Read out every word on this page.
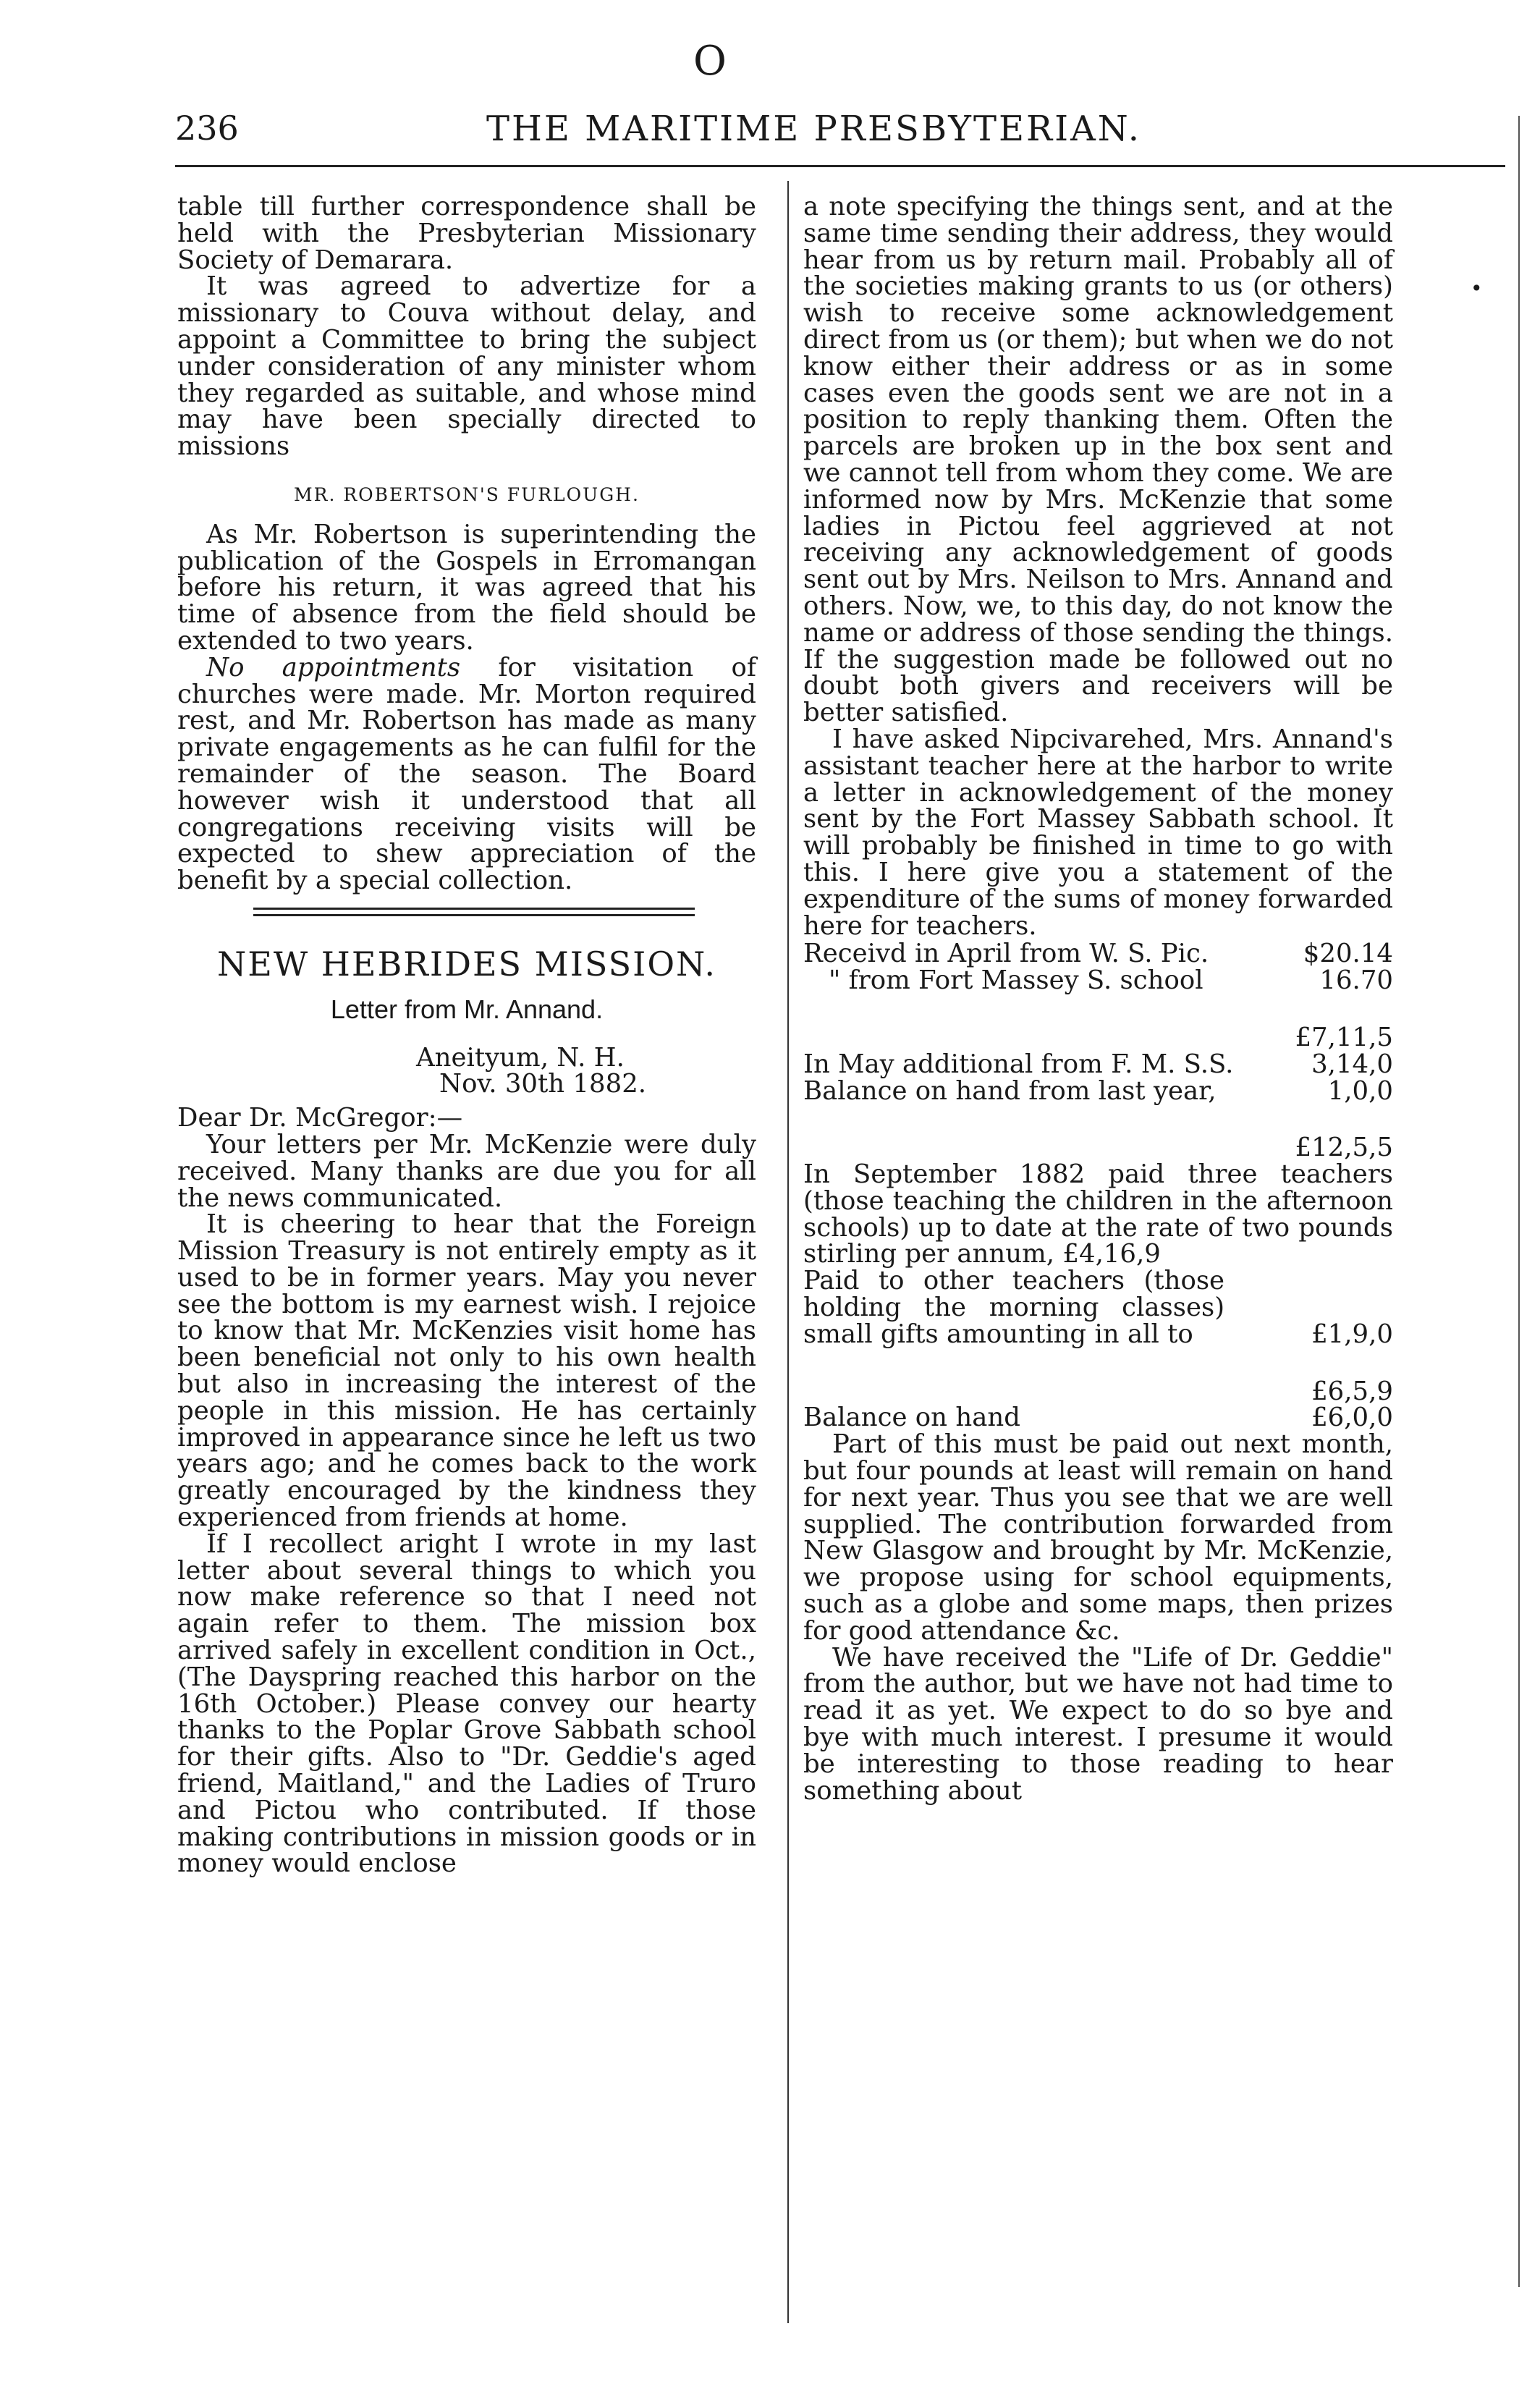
O
236	THE MARITIME PRESBYTERIAN.
•

table till further correspondence shall be held with the Presbyterian Missionary Society of Demarara.

It was agreed to advertize for a missionary to Couva without delay, and appoint a Committee to bring the subject under consideration of any minister whom they regarded as suitable, and whose mind may have been specially directed to missions

MR. ROBERTSON'S FURLOUGH.

As Mr. Robertson is superintending the publication of the Gospels in Erromangan before his return, it was agreed that his time of absence from the field should be extended to two years.

No appointments for visitation of churches were made. Mr. Morton required rest, and Mr. Robertson has made as many private engagements as he can fulfil for the remainder of the season. The Board however wish it understood that all congregations receiving visits will be expected to shew appreciation of the benefit by a special collection.

NEW HEBRIDES MISSION.
Letter from Mr. Annand.
Aneityum, N. H.
Nov. 30th 1882.

Dear Dr. McGregor:—

Your letters per Mr. McKenzie were duly received. Many thanks are due you for all the news communicated.

It is cheering to hear that the Foreign Mission Treasury is not entirely empty as it used to be in former years. May you never see the bottom is my earnest wish. I rejoice to know that Mr. McKenzies visit home has been beneficial not only to his own health but also in increasing the interest of the people in this mission. He has certainly improved in appearance since he left us two years ago; and he comes back to the work greatly encouraged by the kindness they experienced from friends at home.

If I recollect aright I wrote in my last letter about several things to which you now make reference so that I need not again refer to them. The mission box arrived safely in excellent condition in Oct., (The Dayspring reached this harbor on the 16th October.) Please convey our hearty thanks to the Poplar Grove Sabbath school for their gifts. Also to "Dr. Geddie's aged friend, Maitland," and the Ladies of Truro and Pictou who contributed. If those making contributions in mission goods or in money would enclose

a note specifying the things sent, and at the same time sending their address, they would hear from us by return mail. Probably all of the societies making grants to us (or others) wish to receive some acknowledgement direct from us (or them); but when we do not know either their address or as in some cases even the goods sent we are not in a position to reply thanking them. Often the parcels are broken up in the box sent and we cannot tell from whom they come. We are informed now by Mrs. McKenzie that some ladies in Pictou feel aggrieved at not receiving any acknowledgement of goods sent out by Mrs. Neilson to Mrs. Annand and others. Now, we, to this day, do not know the name or address of those sending the things. If the suggestion made be followed out no doubt both givers and receivers will be better satisfied.

I have asked Nipcivarehed, Mrs. Annand's assistant teacher here at the harbor to write a letter in acknowledgement of the money sent by the Fort Massey Sabbath school. It will probably be finished in time to go with this. I here give you a statement of the expenditure of the sums of money forwarded here for teachers.

Receivd in April from W. S. Pic.	$20.14
" from Fort Massey S. school	16.70
£7,11,5
In May additional from F. M. S.S.	3,14,0
Balance on hand from last year,	1,0,0
£12,5,5

In September 1882 paid three teachers (those teaching the children in the afternoon schools) up to date at the rate of two pounds stirling per annum, £4,16,9

Paid to other teachers (those holding the morning classes) small gifts amounting in all to	£1,9,0
£6,5,9
Balance on hand	£6,0,0

Part of this must be paid out next month, but four pounds at least will remain on hand for next year. Thus you see that we are well supplied. The contribution forwarded from New Glasgow and brought by Mr. McKenzie, we propose using for school equipments, such as a globe and some maps, then prizes for good attendance &c.

We have received the "Life of Dr. Geddie" from the author, but we have not had time to read it as yet. We expect to do so bye and bye with much interest. I presume it would be interesting to those reading to hear something about
